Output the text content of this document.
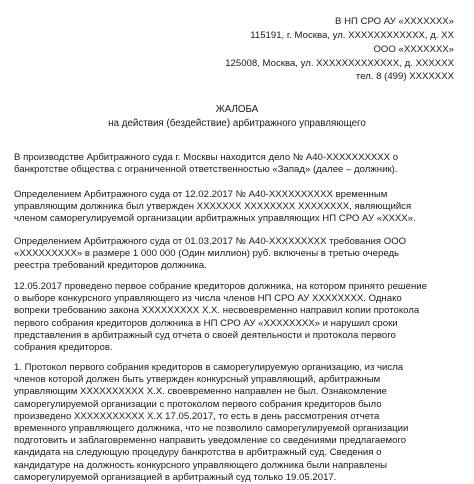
В НП СРО АУ «ХХХХХХХ»
115191, г. Москва, ул. ХХХХХХХХХХХХ, д. ХХ
ООО «ХХХХХХХ»
125008, Москва, ул. ХХХХХХХХХХХХХ, д. ХХХХХХ
тел. 8 (499) ХХХХХХХ
ЖАЛОБА
на действия (бездействие) арбитражного управляющего
В производстве Арбитражного суда г. Москвы находится дело № А40-ХХХХХХХХХХ о
банкротстве общества с ограниченной ответственностью «Запад» (далее – должник).
Определением Арбитражного суда от 12.02.2017 № А40-ХХХХХХХХХХ временным
управляющим должника был утвержден ХХХХХХХ ХХХХХХХХ ХХХХХХХХ, являющийся
членом саморегулируемой организации арбитражных управляющих НП СРО АУ «ХХХХ».
Определением Арбитражного суда от 01.03.2017 № А40-ХХХХХХХХХ требования ООО
«ХХХХХХХХХ» в размере 1 000 000 (Один миллион) руб. включены в третью очередь
реестра требований кредиторов должника.
12.05.2017 проведено первое собрание кредиторов должника, на котором принято решение
о выборе конкурсного управляющего из числа членов НП СРО АУ ХХХХХХХХ. Однако
вопреки требованию закона ХХХХХХХХХ Х.Х. несвоевременно направил копии протокола
первого собрания кредиторов должника в НП СРО АУ «ХХХХХХХХ» и нарушил сроки
представления в арбитражный суд отчета о своей деятельности и протокола первого
собрания кредиторов.
1. Протокол первого собрания кредиторов в саморегулируемую организацию, из числа
членов которой должен быть утвержден конкурсный управляющий, арбитражным
управляющим ХХХХХХХХХХ Х.Х. своевременно направлен не был. Ознакомление
саморегулируемой организации с протоколом первого собрания кредиторов было
произведено ХХХХХХХХХХХ Х.Х 17.05.2017, то есть в день рассмотрения отчета
временного управляющего должника, что не позволило саморегулируемой организации
подготовить и заблаговременно направить уведомление со сведениями предлагаемого
кандидата на следующую процедуру банкротства в арбитражный суд. Сведения о
кандидатуре на должность конкурсного управляющего должника были направлены
саморегулируемой организацией в арбитражный суд только 19.05.2017.
